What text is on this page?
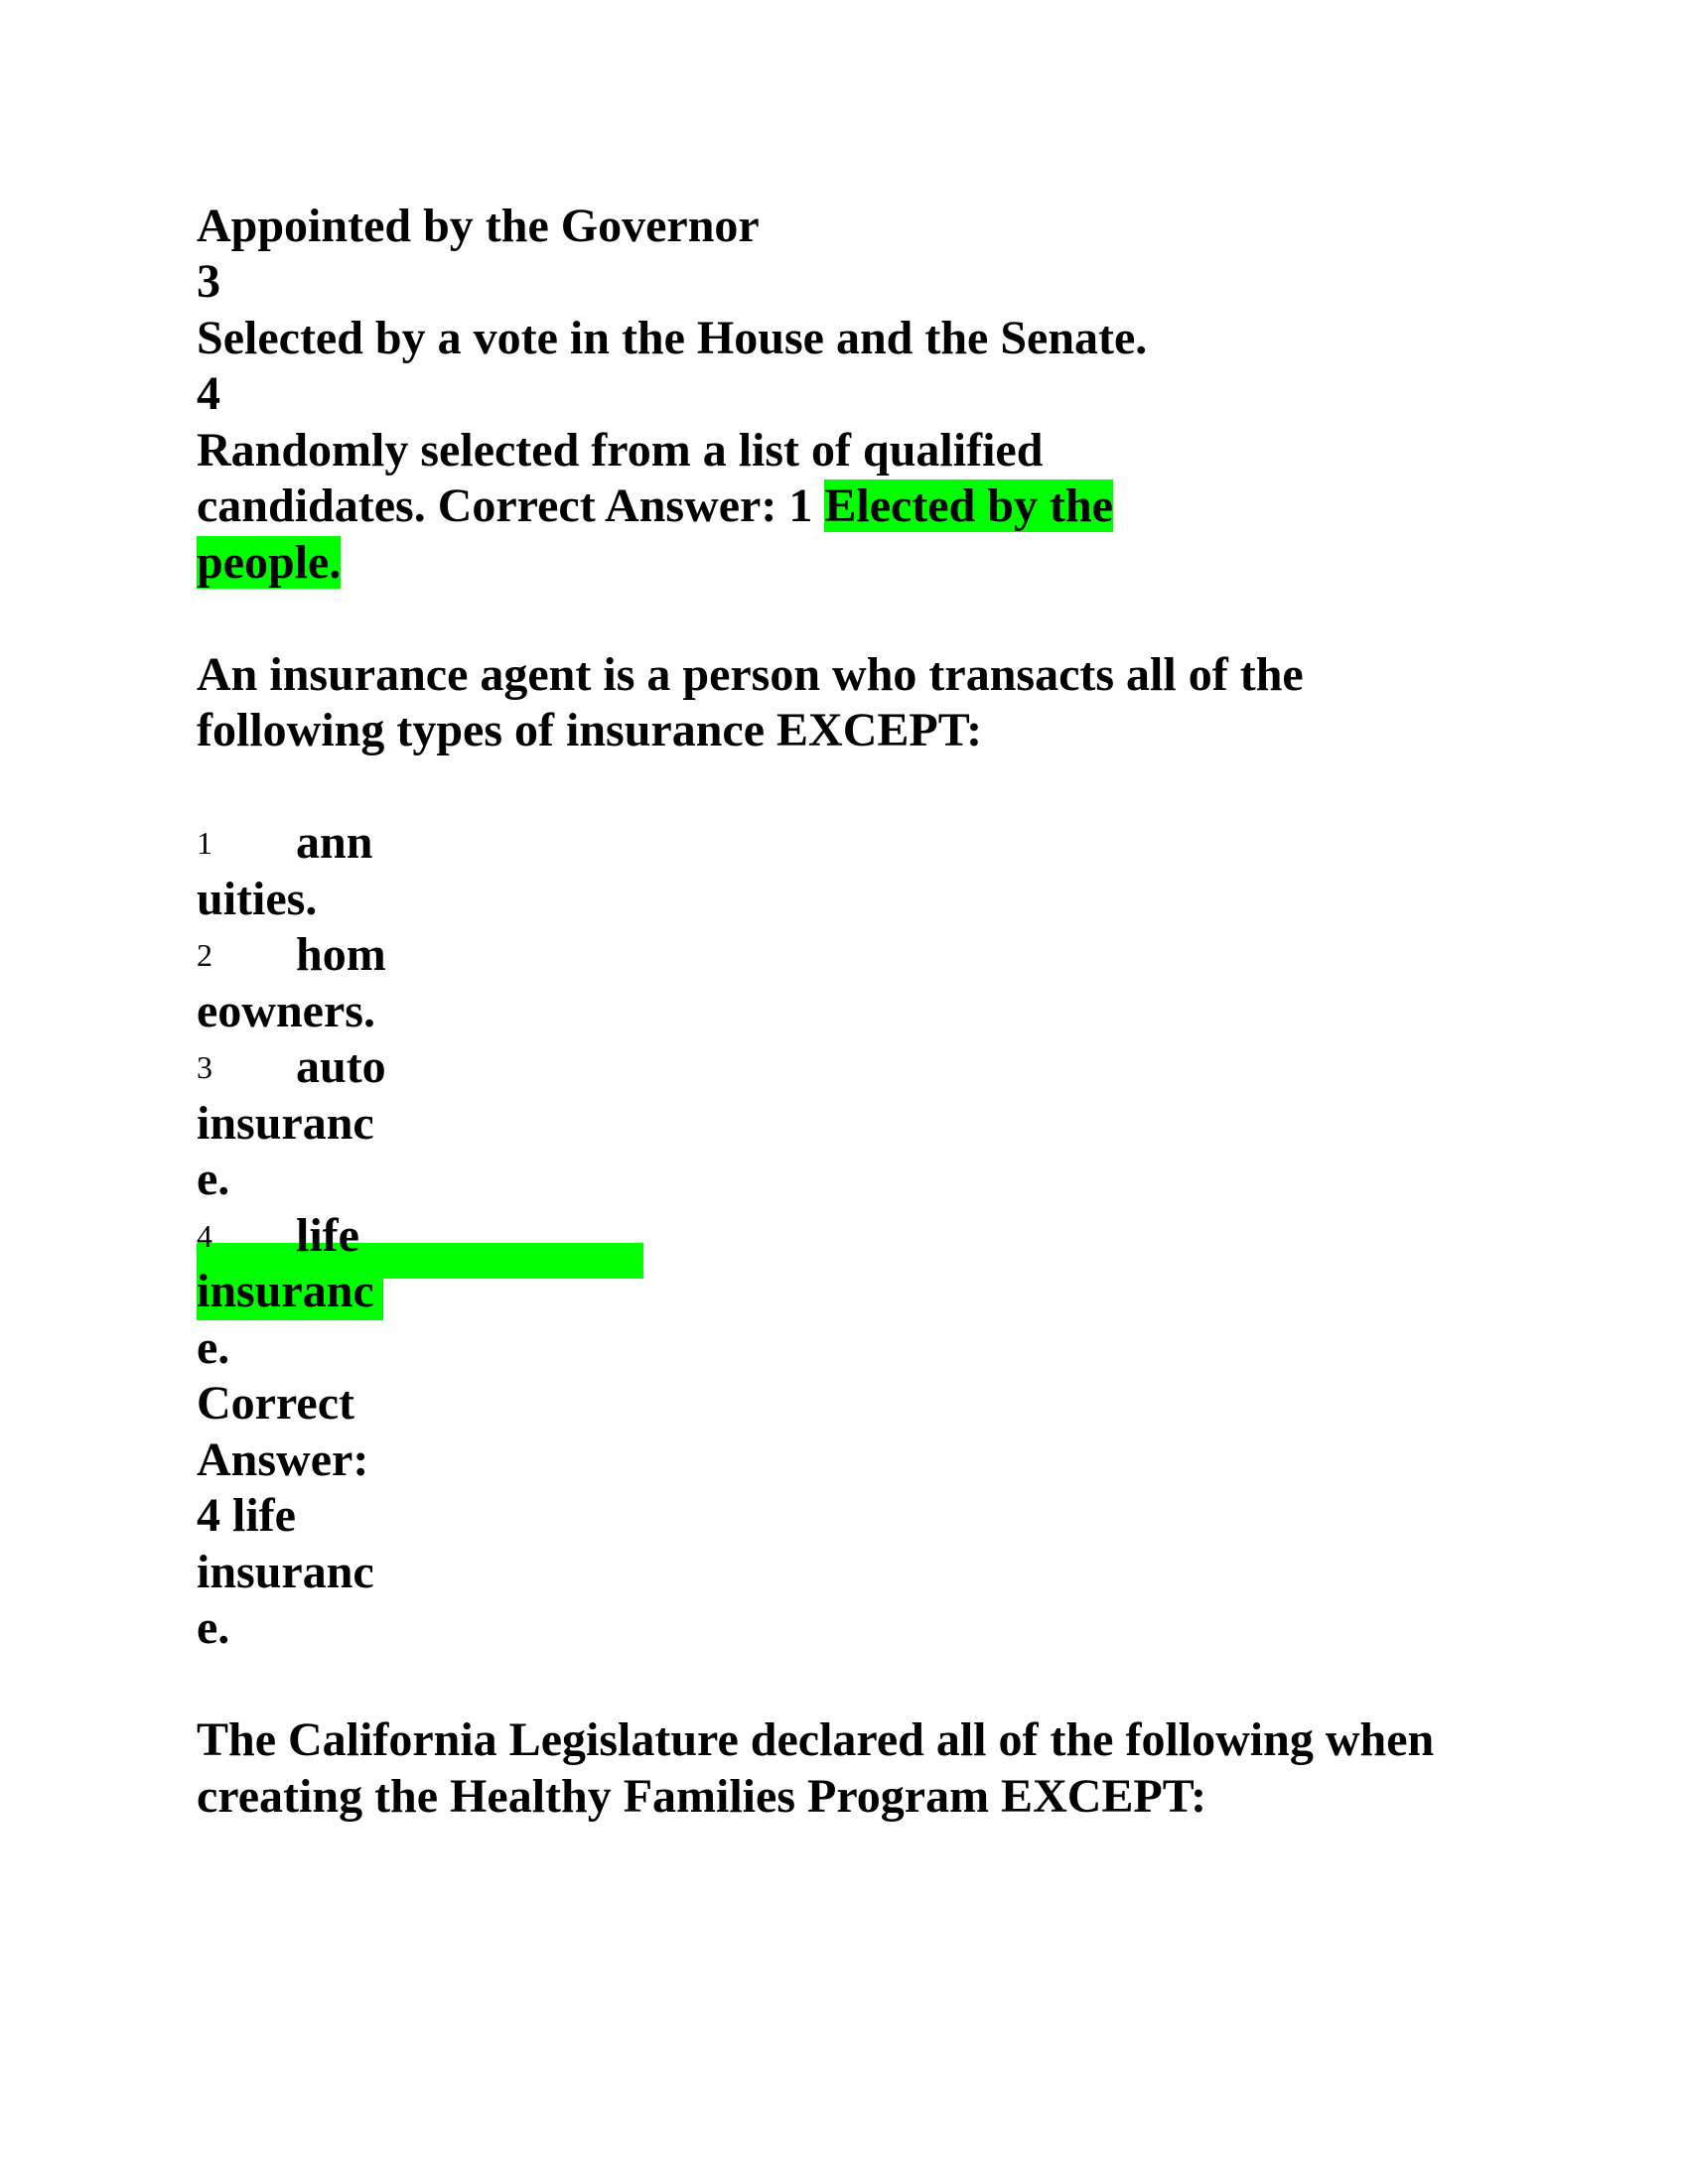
Appointed by the Governor
3
Selected by a vote in the House and the Senate.
4
Randomly selected from a list of qualified
candidates. Correct Answer: 1 Elected by the
people.
An insurance agent is a person who transacts all of the
following types of insurance EXCEPT:
1 ann
uities.
2 hom
eowners.
3 auto
insuranc
e.
4 life
insuranc
e.
Correct
Answer:
4 life
insuranc
e.
The California Legislature declared all of the following when
creating the Healthy Families Program EXCEPT:
